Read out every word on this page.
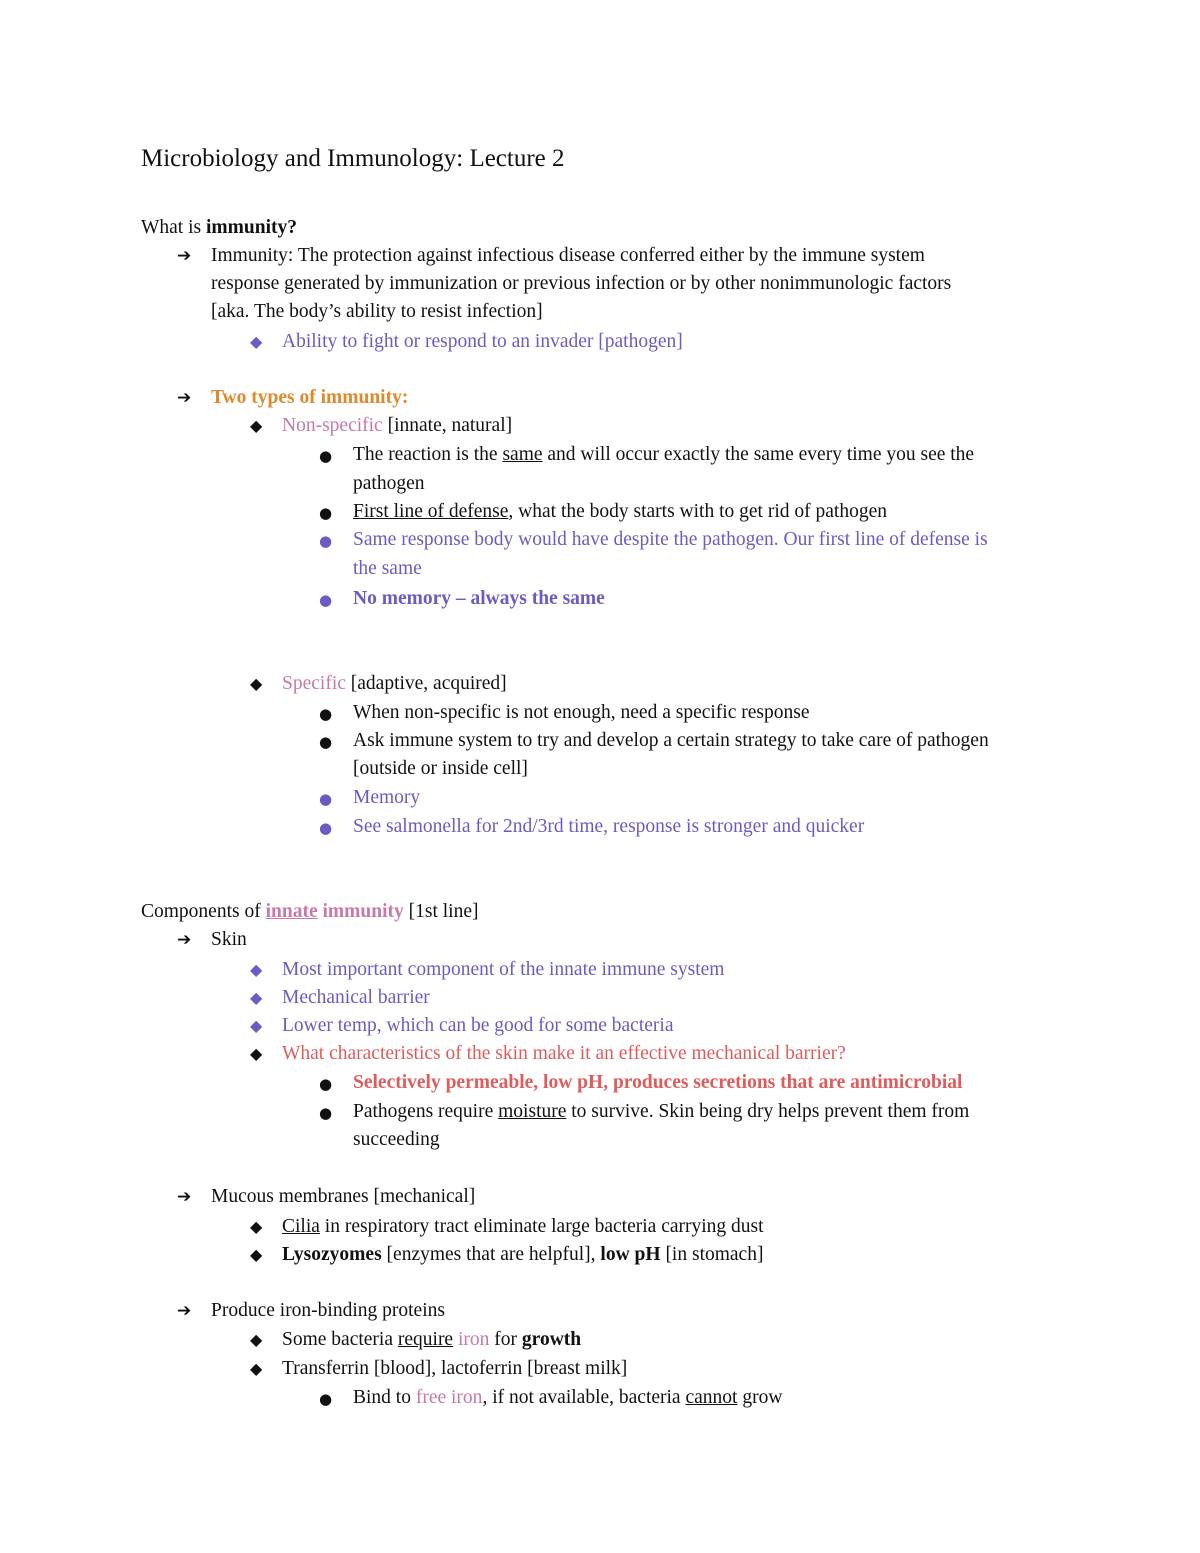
Microbiology and Immunology: Lecture 2
What is immunity?
➔ Immunity: The protection against infectious disease conferred either by the immune system
response generated by immunization or previous infection or by other nonimmunologic factors
[aka. The body’s ability to resist infection]
◆ Ability to fight or respond to an invader [pathogen]
➔ Two types of immunity:
◆ Non-specific [innate, natural]
● The reaction is the same and will occur exactly the same every time you see the
pathogen
● First line of defense, what the body starts with to get rid of pathogen
● Same response body would have despite the pathogen. Our first line of defense is
the same
● No memory – always the same
◆ Specific [adaptive, acquired]
● When non-specific is not enough, need a specific response
● Ask immune system to try and develop a certain strategy to take care of pathogen
[outside or inside cell]
● Memory
● See salmonella for 2nd/3rd time, response is stronger and quicker
Components of innate immunity [1st line]
➔ Skin
◆ Most important component of the innate immune system
◆ Mechanical barrier
◆ Lower temp, which can be good for some bacteria
◆ What characteristics of the skin make it an effective mechanical barrier?
● Selectively permeable, low pH, produces secretions that are antimicrobial
● Pathogens require moisture to survive. Skin being dry helps prevent them from
succeeding
➔ Mucous membranes [mechanical]
◆ Cilia in respiratory tract eliminate large bacteria carrying dust
◆ Lysozyomes [enzymes that are helpful], low pH [in stomach]
➔ Produce iron-binding proteins
◆ Some bacteria require iron for growth
◆ Transferrin [blood], lactoferrin [breast milk]
● Bind to free iron, if not available, bacteria cannot grow
